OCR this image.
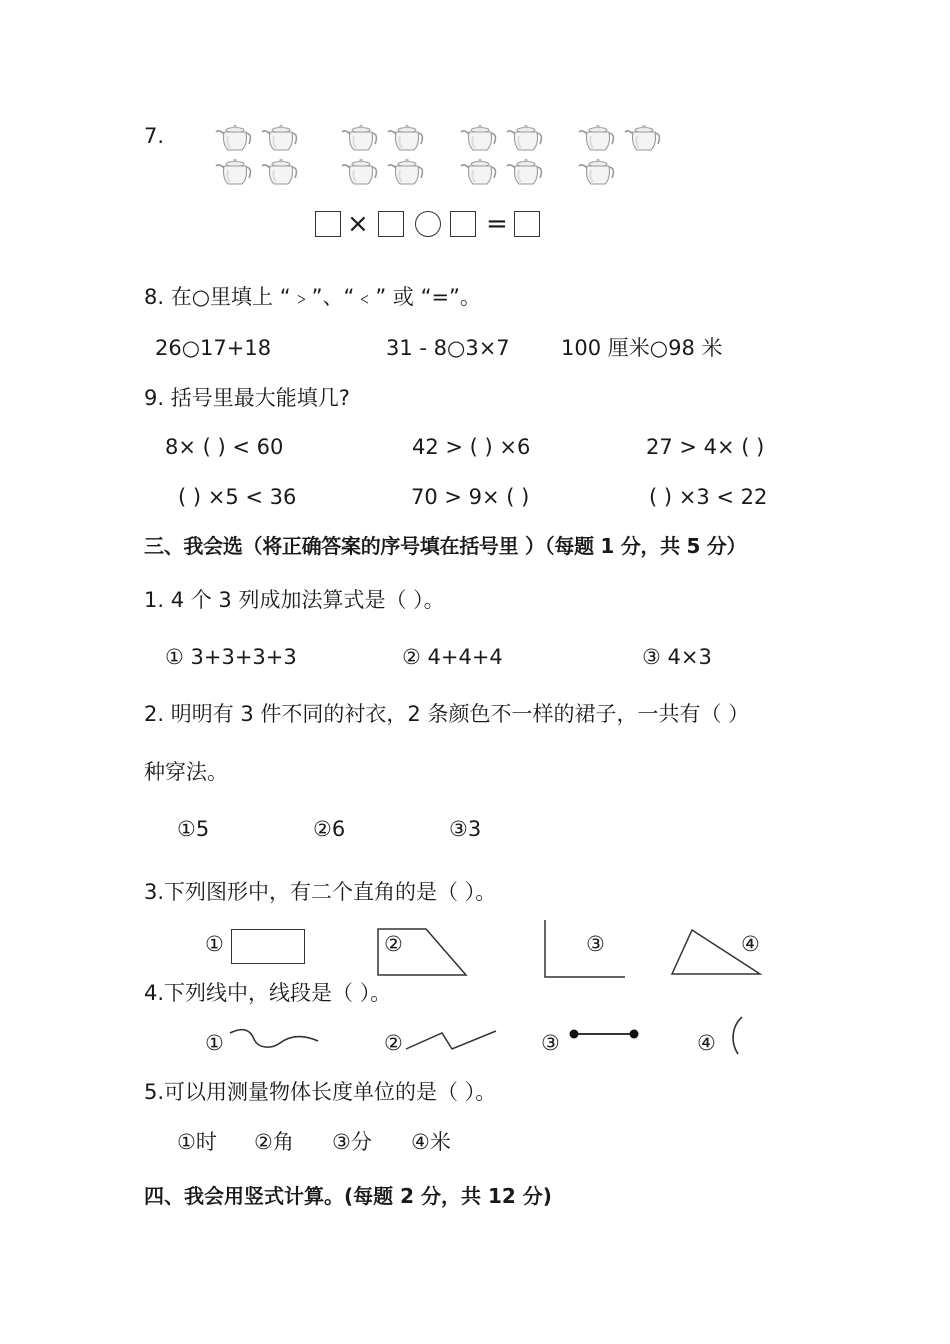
7.
×	=
8. 在○里填上 “﹥”、“﹤” 或 “=”。
26○17+18	31 - 8○3×7 100 厘米○98 米
9. 括号里最大能填几?
8× ( ) < 60	42 > ( ) ×6	27 > 4× ( )
( ) ×5 < 36	70 > 9× ( )	( ) ×3 < 22
三、我会选（将正确答案的序号填在括号里 ）（每题 1 分，共 5 分）
1. 4 个 3 列成加法算式是（ ）。
① 3+3+3+3	② 4+4+4	③ 4×3
2. 明明有 3 件不同的衬衣，2 条颜色不一样的裙子，一共有（ ）
种穿法。
①5	②6	③3
3.下列图形中，有二个直角的是（ ）。
①	②	③	④
4.下列线中，线段是（ ）。
①	②	③	④
5.可以用测量物体长度单位的是（ ）。
①时 ②角 ③分 ④米
四、我会用竖式计算。(每题 2 分，共 12 分)
